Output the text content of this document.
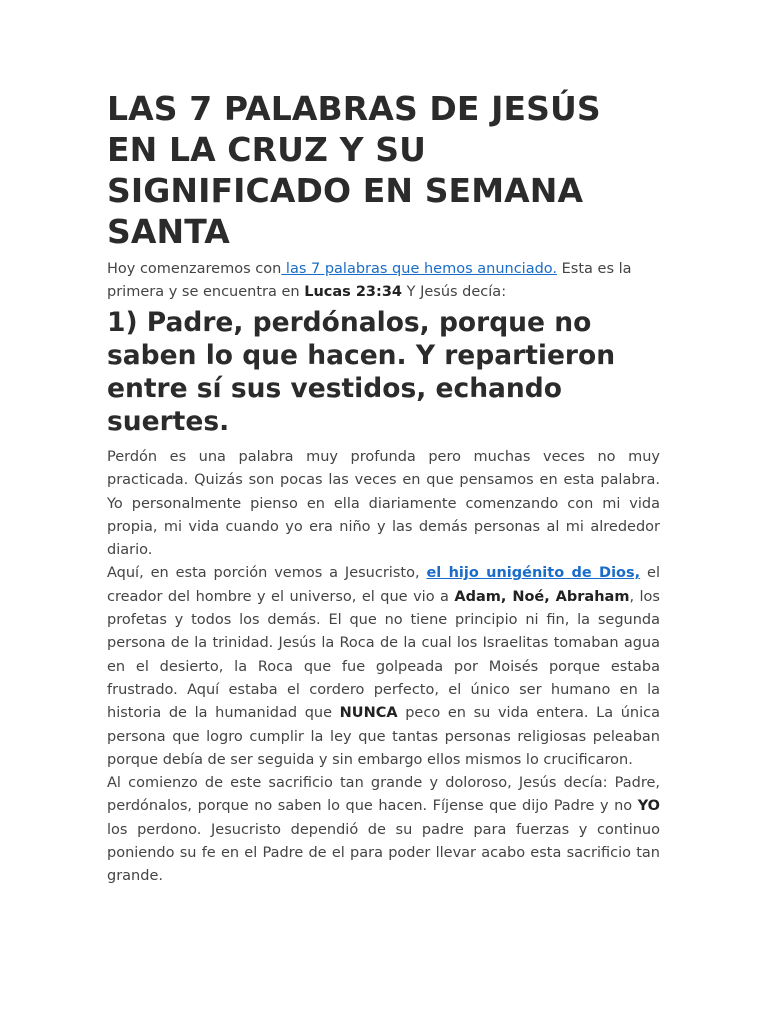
LAS 7 PALABRAS DE JESÚS EN LA CRUZ Y SU SIGNIFICADO EN SEMANA SANTA

Hoy comenzaremos con las 7 palabras que hemos anunciado. Esta es la primera y se encuentra en Lucas 23:34 Y Jesús decía:

1) Padre, perdónalos, porque no saben lo que hacen. Y repartieron entre sí sus vestidos, echando suertes.

Perdón es una palabra muy profunda pero muchas veces no muy practicada. Quizás son pocas las veces en que pensamos en esta palabra. Yo personalmente pienso en ella diariamente comenzando con mi vida propia, mi vida cuando yo era niño y las demás personas al mi alrededor diario.

Aquí, en esta porción vemos a Jesucristo, el hijo unigénito de Dios, el creador del hombre y el universo, el que vio a Adam, Noé, Abraham, los profetas y todos los demás. El que no tiene principio ni fin, la segunda persona de la trinidad. Jesús la Roca de la cual los Israelitas tomaban agua en el desierto, la Roca que fue golpeada por Moisés porque estaba frustrado. Aquí estaba el cordero perfecto, el único ser humano en la historia de la humanidad que NUNCA peco en su vida entera. La única persona que logro cumplir la ley que tantas personas religiosas peleaban porque debía de ser seguida y sin embargo ellos mismos lo crucificaron.

Al comienzo de este sacrificio tan grande y doloroso, Jesús decía: Padre, perdónalos, porque no saben lo que hacen. Fíjense que dijo Padre y no YO los perdono. Jesucristo dependió de su padre para fuerzas y continuo poniendo su fe en el Padre de el para poder llevar acabo esta sacrificio tan grande.
